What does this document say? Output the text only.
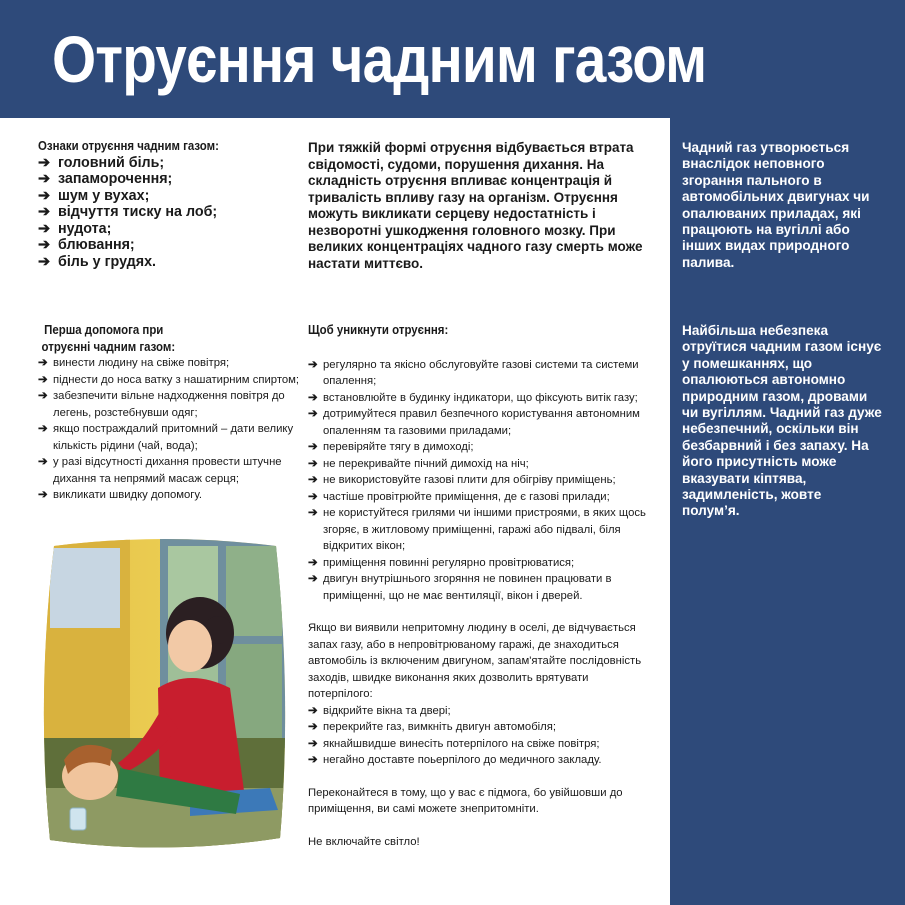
Отруєння чадним газом

Чадний газ утворюється внаслідок неповного згорання пального в автомобільних двигунах чи опалюваних приладах, які працюють на вугіллі або інших видах природного палива.

Найбільша небезпека отруїтися чадним газом існує у помешканнях, що опалюються автономно природним газом, дровами чи вугіллям. Чадний газ дуже небезпечний, оскільки він безбарвний і без запаху. На його присутність може вказувати кіптява, задимленість, жовте полум’я.

Ознаки отруєння чадним газом:
➔ головний біль;
➔ запаморочення;
➔ шум у вухах;
➔ відчуття тиску на лоб;
➔ нудота;
➔ блювання;
➔ біль у грудях.
При тяжкій формі отруєння відбувається втрата свідомості, судоми, порушення дихання. На складність отруєння впливає концентрація й тривалість впливу газу на організм. Отруєння можуть викликати серцеву недостатність і незворотні ушкодження головного мозку. При великих концентраціях чадного газу смерть може настати миттєво.
Перша допомога при
отруєнні чадним газом:
➔ винести людину на свіже повітря;
➔ піднести до носа ватку з нашатирним спиртом;
➔ забезпечити вільне надходження повітря до легень, розстебнувши одяг;
➔ якщо постраждалий притомний – дати велику кількість рідини (чай, вода);
➔ у разі відсутності дихання провести штучне дихання та непрямий масаж серця;
➔ викликати швидку допомогу.
Щоб уникнути отруєння:
➔ регулярно та якісно обслуговуйте газові системи та системи опалення;
➔ встановлюйте в будинку індикатори, що фіксують витік газу;
➔ дотримуйтеся правил безпечного користування автономним опаленням та газовими приладами;
➔ перевіряйте тягу в димоході;
➔ не перекривайте пічний димохід на ніч;
➔ не використовуйте газові плити для обігріву приміщень;
➔ частіше провітрюйте приміщення, де є газові прилади;
➔ не користуйтеся грилями чи іншими пристроями, в яких щось згоряє, в житловому приміщенні, гаражі або підвалі, біля відкритих вікон;
➔ приміщення повинні регулярно провітрюватися;
➔ двигун внутрішнього згоряння не повинен працювати в приміщенні, що не має вентиляції, вікон і дверей.

Якщо ви виявили непритомну людину в оселі, де відчувається запах газу, або в непровітрюваному гаражі, де знаходиться автомобіль із включеним двигуном, запам'ятайте послідовність заходів, швидке виконання яких дозволить врятувати потерпілого:

➔ відкрийте вікна та двері;
➔ перекрийте газ, вимкніть двигун автомобіля;
➔ якнайшвидше винесіть потерпілого на свіже повітря;
➔ негайно доставте поьерпілого до медичного закладу.

Переконайтеся в тому, що у вас є підмога, бо увійшовши до приміщення, ви самі можете знепритомніти.

Не включайте світло!
